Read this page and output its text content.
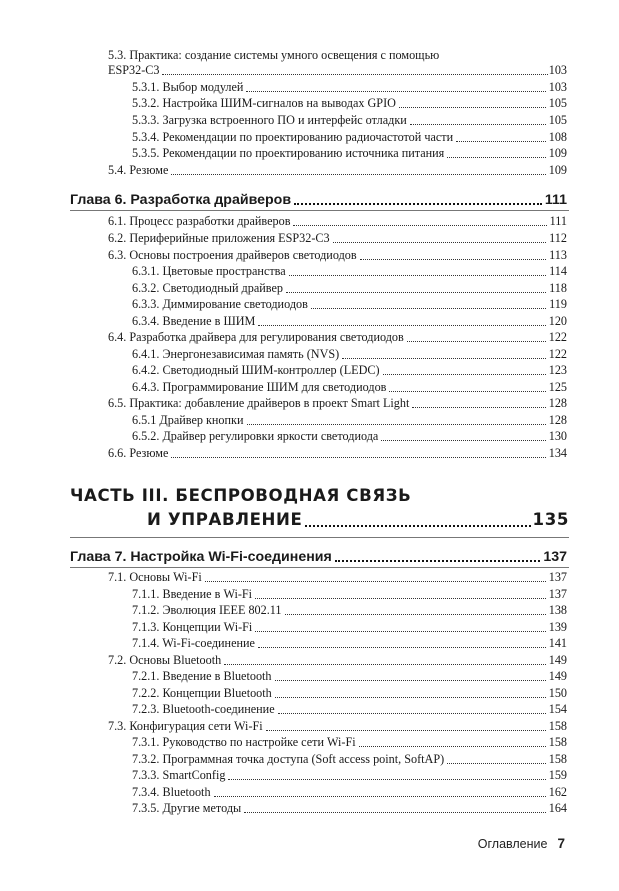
5.3. Практика: создание системы умного освещения с помощью
ESP32-C3	103
5.3.1. Выбор модулей	103
5.3.2. Настройка ШИМ-сигналов на выводах GPIO	105
5.3.3. Загрузка встроенного ПО и интерфейс отладки	105
5.3.4. Рекомендации по проектированию радиочастотой части	108
5.3.5. Рекомендации по проектированию источника питания	109
5.4. Резюме	109
Глава 6. Разработка драйверов	111
6.1. Процесс разработки драйверов	111
6.2. Периферийные приложения ESP32-C3	112
6.3. Основы построения драйверов светодиодов	113
6.3.1. Цветовые пространства	114
6.3.2. Светодиодный драйвер	118
6.3.3. Диммирование светодиодов	119
6.3.4. Введение в ШИМ	120
6.4. Разработка драйвера для регулирования светодиодов	122
6.4.1. Энергонезависимая память (NVS)	122
6.4.2. Светодиодный ШИМ-контроллер (LEDC)	123
6.4.3. Программирование ШИМ для светодиодов	125
6.5. Практика: добавление драйверов в проект Smart Light	128
6.5.1 Драйвер кнопки	128
6.5.2. Драйвер регулировки яркости светодиода	130
6.6. Резюме	134
ЧАСТЬ III. БЕСПРОВОДНАЯ СВЯЗЬ
И УПРАВЛЕНИЕ	135
Глава 7. Настройка Wi-Fi-соединения	137
7.1. Основы Wi-Fi	137
7.1.1. Введение в Wi-Fi	137
7.1.2. Эволюция IEEE 802.11	138
7.1.3. Концепции Wi-Fi	139
7.1.4. Wi-Fi-соединение	141
7.2. Основы Bluetooth	149
7.2.1. Введение в Bluetooth	149
7.2.2. Концепции Bluetooth	150
7.2.3. Bluetooth-соединение	154
7.3. Конфигурация сети Wi-Fi	158
7.3.1. Руководство по настройке сети Wi-Fi	158
7.3.2. Программная точка доступа (Soft access point, SoftAP)	158
7.3.3. SmartConfig	159
7.3.4. Bluetooth	162
7.3.5. Другие методы	164
Оглавление 7
